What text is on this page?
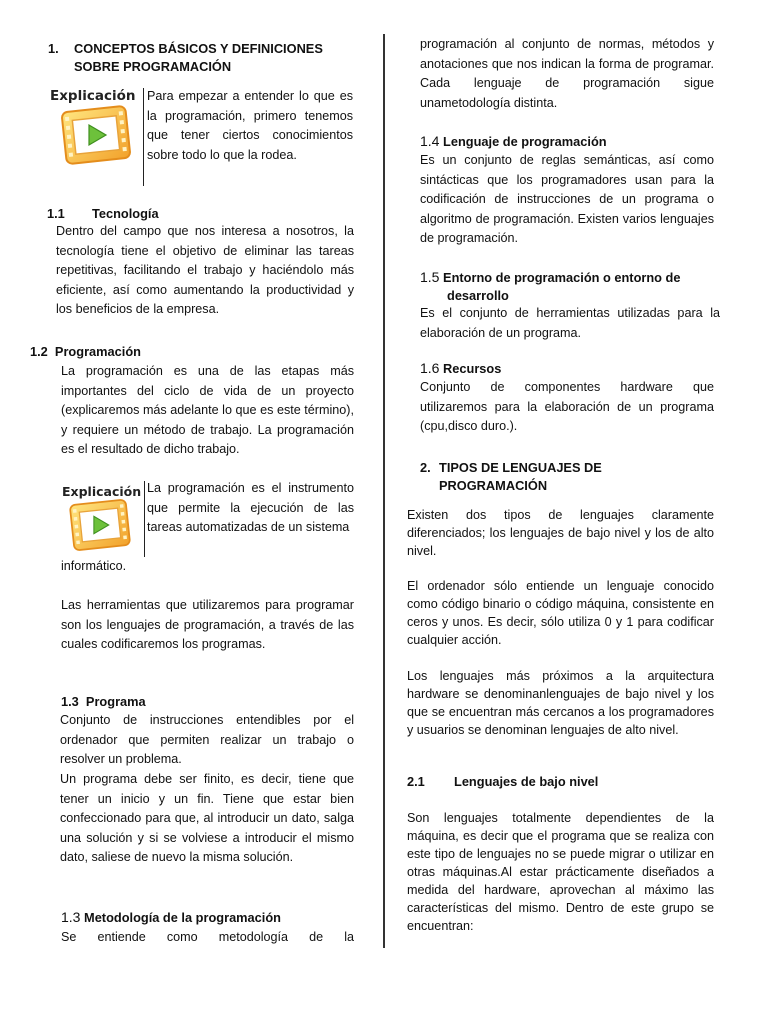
1. CONCEPTOS BÁSICOS Y DEFINICIONES
SOBRE PROGRAMACIÓN
Explicación Para empezar a entender lo que es la programación, primero tenemos que tener ciertos conocimientos sobre todo lo que la rodea.

1.1 Tecnología

Dentro del campo que nos interesa a nosotros, la tecnología tiene el objetivo de eliminar las tareas repetitivas, facilitando el trabajo y haciéndolo más eficiente, así como aumentando la productividad y los beneficios de la empresa.

1.2 Programación

La programación es una de las etapas más importantes del ciclo de vida de un proyecto (explicaremos más adelante lo que es este término), y requiere un método de trabajo. La programación es el resultado de dicho trabajo.

Explicación La programación es el instrumento que permite la ejecución de las tareas automatizadas de un sistema

informático.

Las herramientas que utilizaremos para programar son los lenguajes de programación, a través de las cuales codificaremos los programas.

1.3 Programa

Conjunto de instrucciones entendibles por el ordenador que permiten realizar un trabajo o resolver un problema.

Un programa debe ser finito, es decir, tiene que tener un inicio y un fin. Tiene que estar bien confeccionado para que, al introducir un dato, salga una solución y si se volviese a introducir el mismo dato, saliese de nuevo la misma solución.

1.3 Metodología de la programación

Se entiende como metodología de la

programación al conjunto de normas, métodos y anotaciones que nos indican la forma de programar. Cada lenguaje de programación sigue unametodología distinta.

1.4 Lenguaje de programación

Es un conjunto de reglas semánticas, así como sintácticas que los programadores usan para la codificación de instrucciones de un programa o algoritmo de programación. Existen varios lenguajes de programación.

1.5 Entorno de programación o entorno de
desarrollo

Es el conjunto de herramientas utilizadas para la elaboración de un programa.

1.6 Recursos

Conjunto de componentes hardware que utilizaremos para la elaboración de un programa (cpu,disco duro.).

2. TIPOS DE LENGUAJES DE
PROGRAMACIÓN

Existen dos tipos de lenguajes claramente diferenciados; los lenguajes de bajo nivel y los de alto nivel.

El ordenador sólo entiende un lenguaje conocido como código binario o código máquina, consistente en ceros y unos. Es decir, sólo utiliza 0 y 1 para codificar cualquier acción.

Los lenguajes más próximos a la arquitectura hardware se denominanlenguajes de bajo nivel y los que se encuentran más cercanos a los programadores y usuarios se denominan lenguajes de alto nivel.

2.1 Lenguajes de bajo nivel

Son lenguajes totalmente dependientes de la máquina, es decir que el programa que se realiza con este tipo de lenguajes no se puede migrar o utilizar en otras máquinas.Al estar prácticamente diseñados a medida del hardware, aprovechan al máximo las características del mismo. Dentro de este grupo se encuentran:
